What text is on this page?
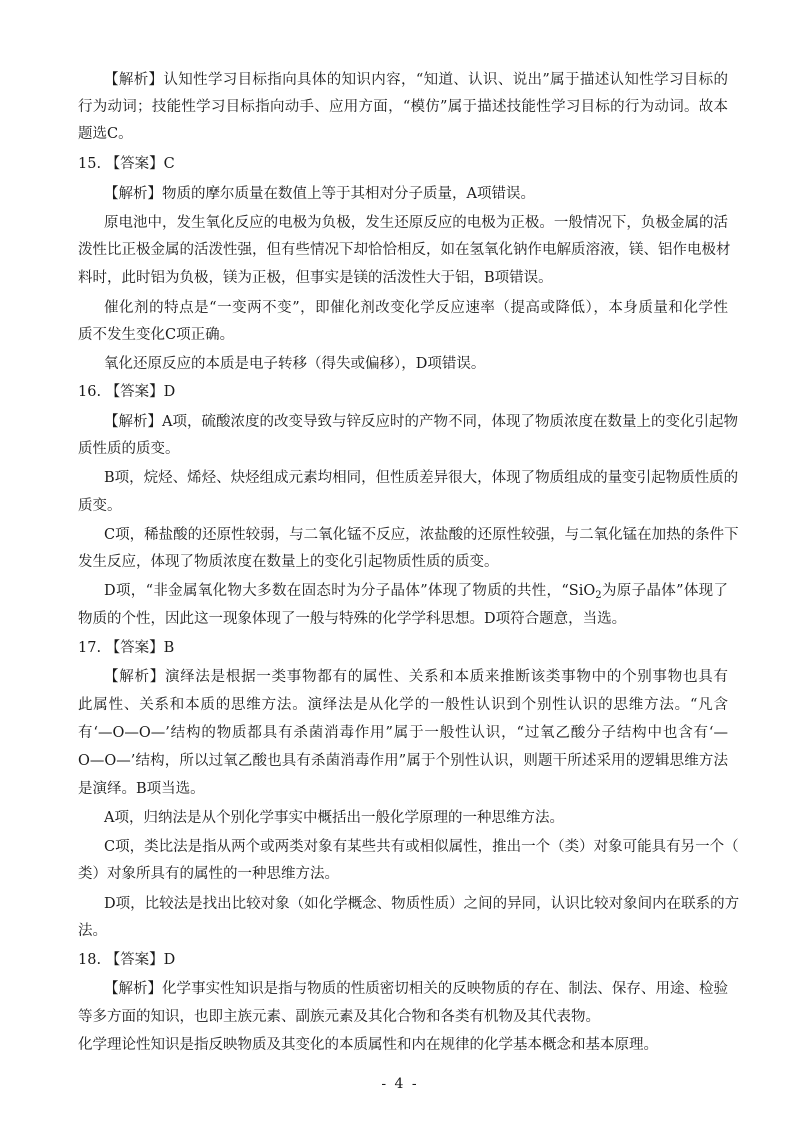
【解析】认知性学习目标指向具体的知识内容，“知道、认识、说出”属于描述认知性学习目标的
行为动词；技能性学习目标指向动手、应用方面，“模仿”属于描述技能性学习目标的行为动词。故本
题选C。
15. 【答案】C
【解析】物质的摩尔质量在数值上等于其相对分子质量，A项错误。
原电池中，发生氧化反应的电极为负极，发生还原反应的电极为正极。一般情况下，负极金属的活
泼性比正极金属的活泼性强，但有些情况下却恰恰相反，如在氢氧化钠作电解质溶液，镁、铝作电极材
料时，此时铝为负极，镁为正极，但事实是镁的活泼性大于铝，B项错误。
催化剂的特点是“一变两不变”，即催化剂改变化学反应速率（提高或降低），本身质量和化学性
质不发生变化C项正确。
氧化还原反应的本质是电子转移（得失或偏移），D项错误。
16. 【答案】D
【解析】A项，硫酸浓度的改变导致与锌反应时的产物不同，体现了物质浓度在数量上的变化引起物
质性质的质变。
B项，烷烃、烯烃、炔烃组成元素均相同，但性质差异很大，体现了物质组成的量变引起物质性质的
质变。
C项，稀盐酸的还原性较弱，与二氧化锰不反应，浓盐酸的还原性较强，与二氧化锰在加热的条件下
发生反应，体现了物质浓度在数量上的变化引起物质性质的质变。
D项，“非金属氧化物大多数在固态时为分子晶体”体现了物质的共性，“SiO$_2$为原子晶体”体现了
物质的个性，因此这一现象体现了一般与特殊的化学学科思想。D项符合题意，当选。
17. 【答案】B
【解析】演绎法是根据一类事物都有的属性、关系和本质来推断该类事物中的个别事物也具有
此属性、关系和本质的思维方法。演绎法是从化学的一般性认识到个别性认识的思维方法。“凡含
有‘—O—O—’结构的物质都具有杀菌消毒作用”属于一般性认识，“过氧乙酸分子结构中也含有‘—
O—O—’结构，所以过氧乙酸也具有杀菌消毒作用”属于个别性认识，则题干所述采用的逻辑思维方法
是演绎。B项当选。
A项，归纳法是从个别化学事实中概括出一般化学原理的一种思维方法。
C项，类比法是指从两个或两类对象有某些共有或相似属性，推出一个（类）对象可能具有另一个（
类）对象所具有的属性的一种思维方法。
D项，比较法是找出比较对象（如化学概念、物质性质）之间的异同，认识比较对象间内在联系的方
法。
18. 【答案】D
【解析】化学事实性知识是指与物质的性质密切相关的反映物质的存在、制法、保存、用途、检验
等多方面的知识，也即主族元素、副族元素及其化合物和各类有机物及其代表物。
化学理论性知识是指反映物质及其变化的本质属性和内在规律的化学基本概念和基本原理。
- 4 -
